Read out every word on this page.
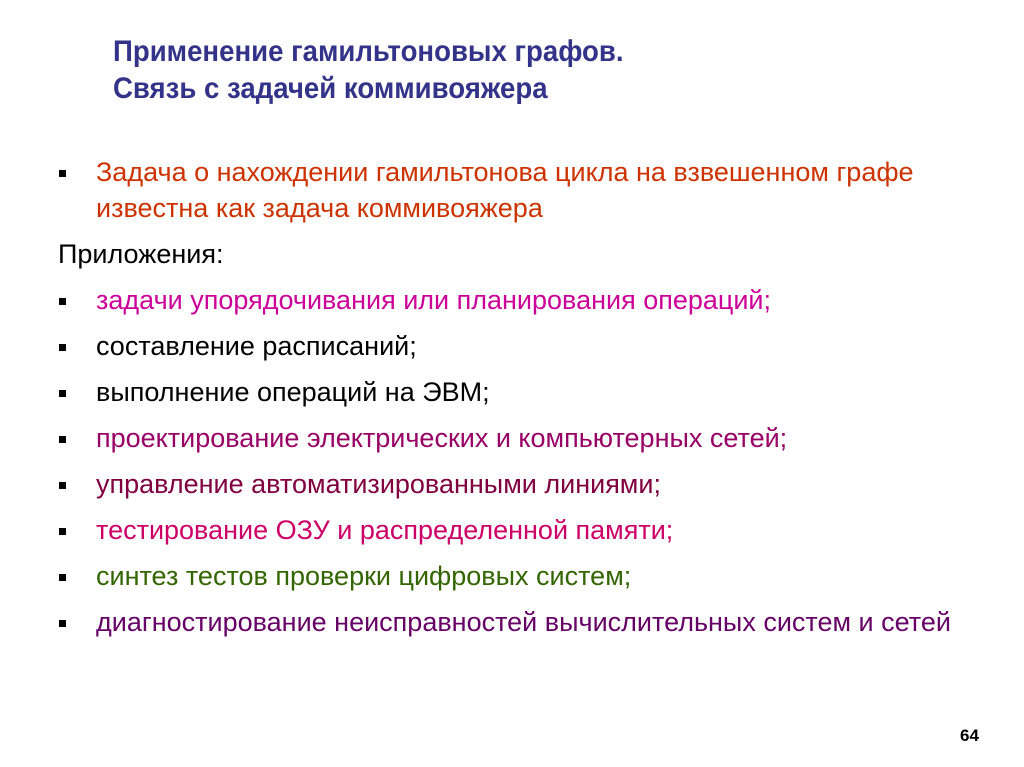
Применение гамильтоновых графов.
Связь с задачей коммивояжера
Задача о нахождении гамильтонова цикла на взвешенном графе известна как задача коммивояжера
Приложения:
задачи упорядочивания или планирования операций;
составление расписаний;
выполнение операций на ЭВМ;
проектирование электрических и компьютерных сетей;
управление автоматизированными линиями;
тестирование ОЗУ и распределенной памяти;
синтез тестов проверки цифровых систем;
диагностирование неисправностей вычислительных систем и сетей
64
